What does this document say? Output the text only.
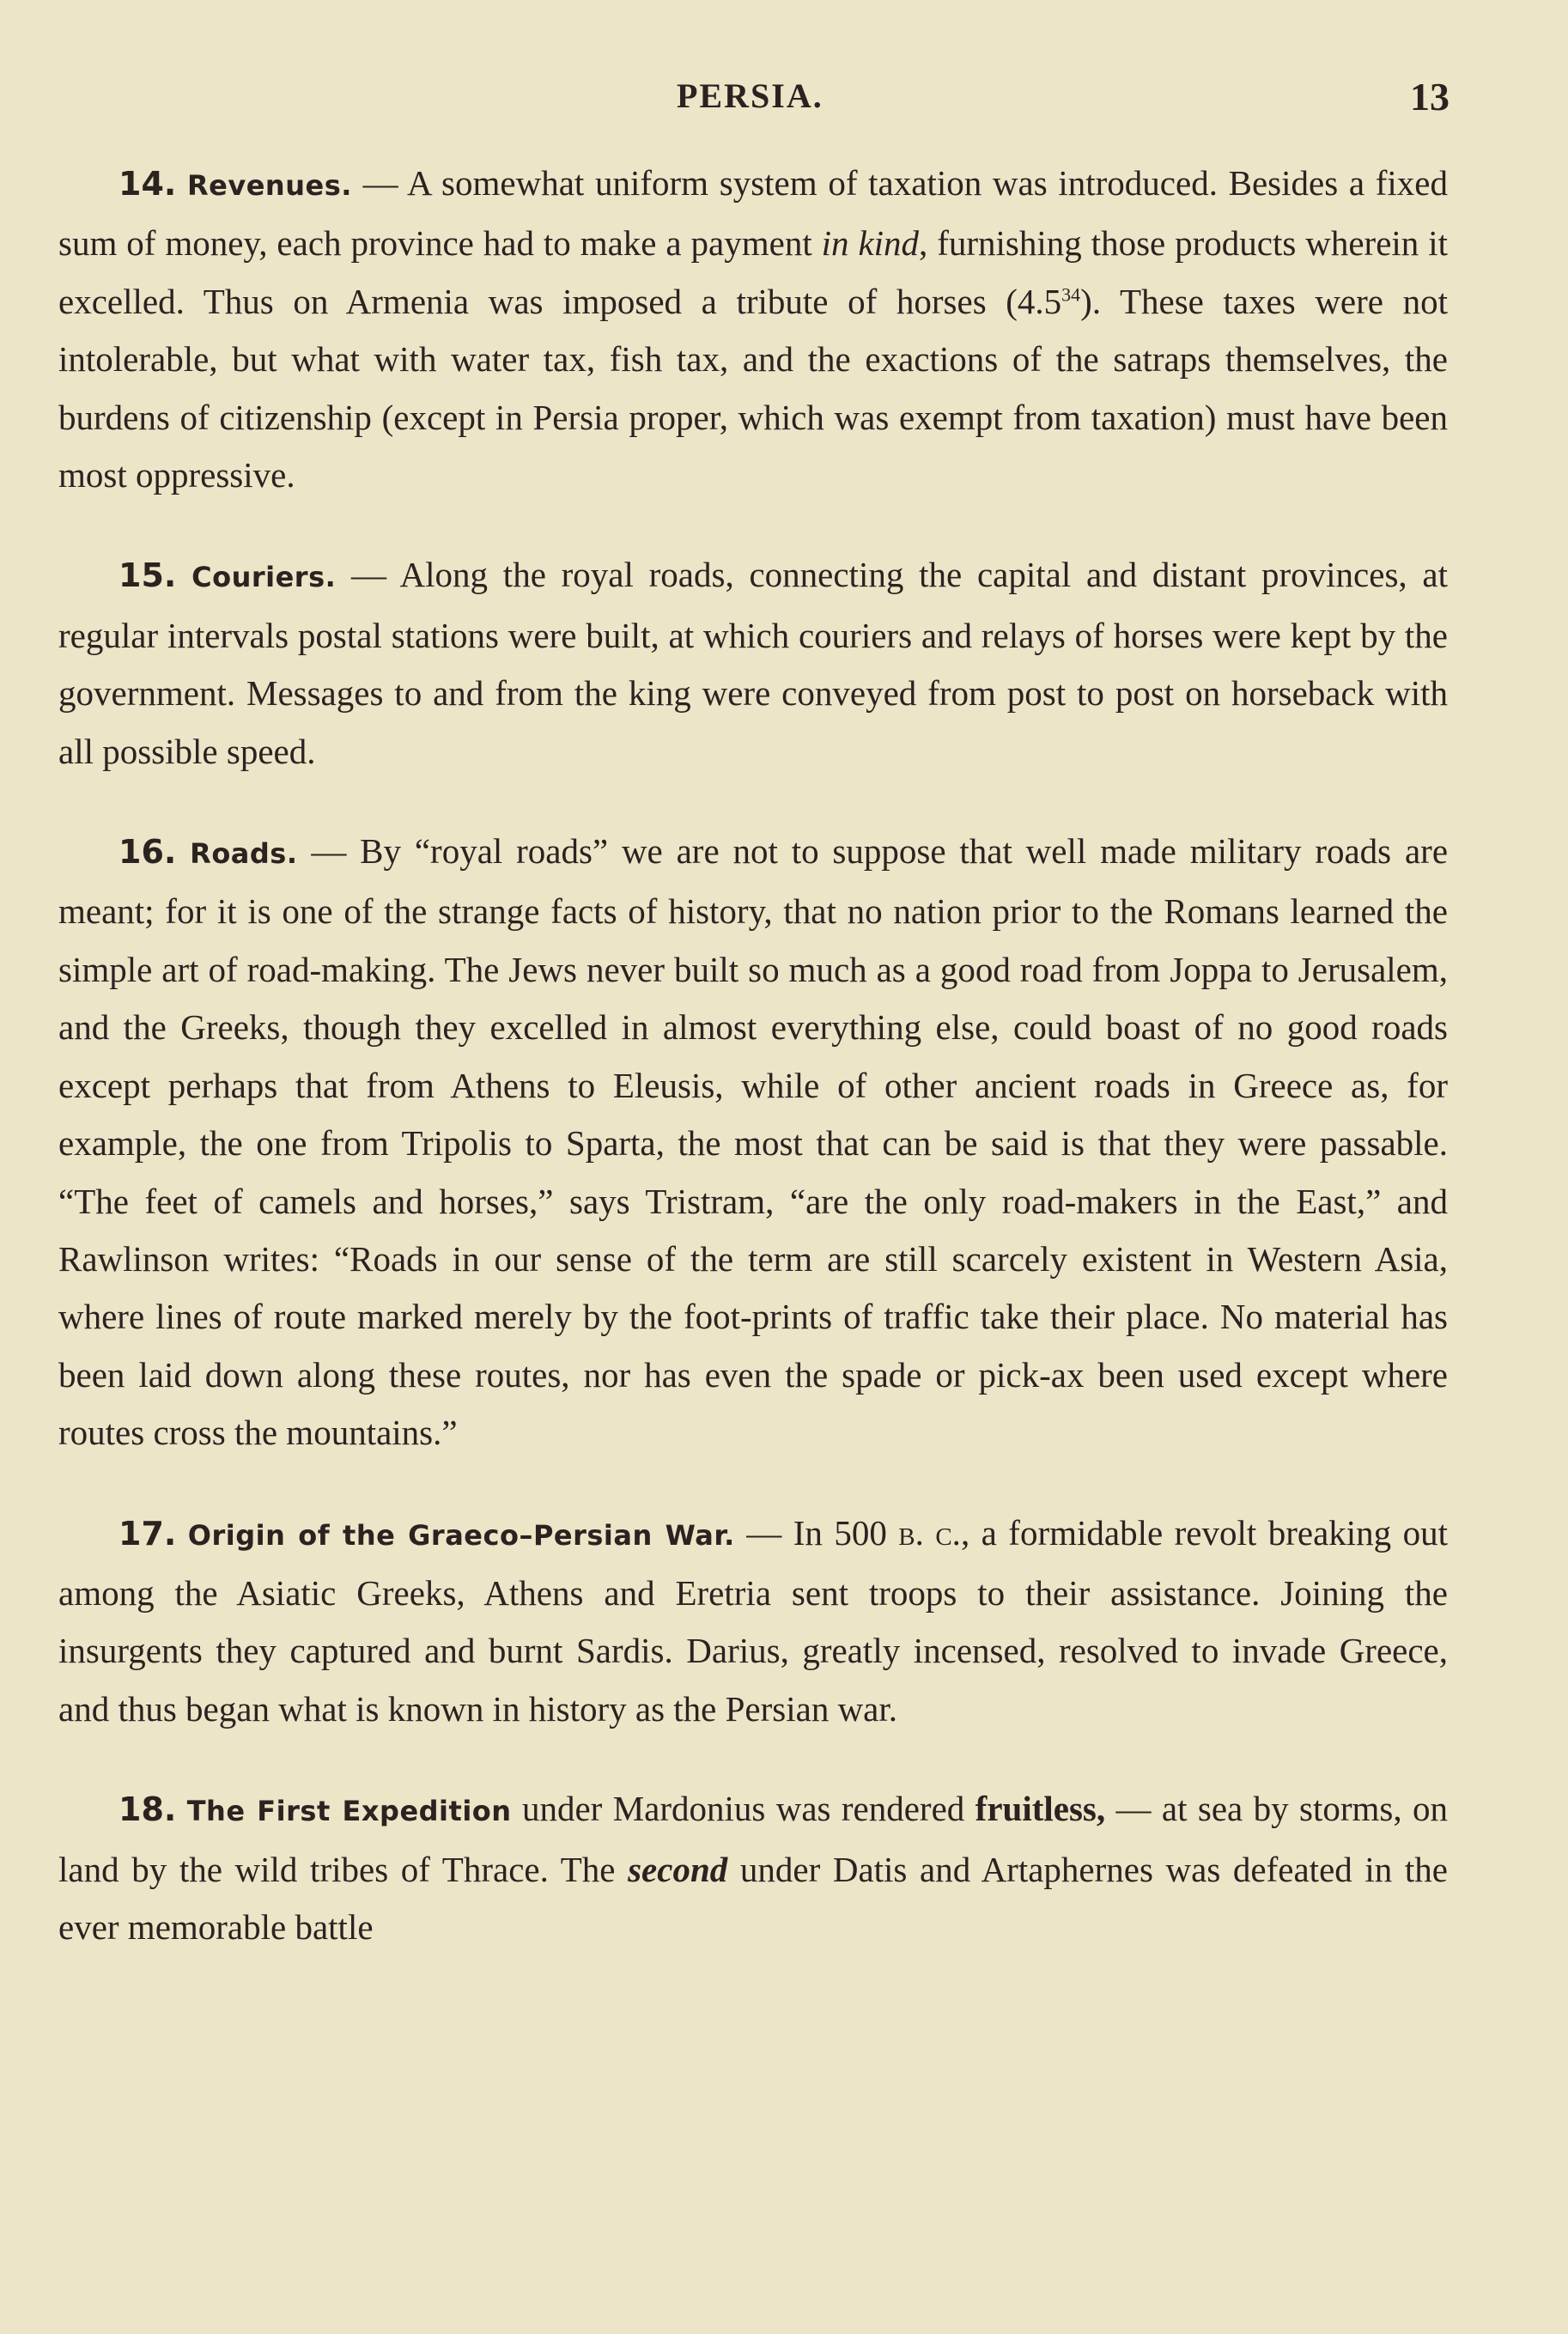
PERSIA.	13

14. Revenues. — A somewhat uniform system of taxation was introduced. Besides a fixed sum of money, each province had to make a payment in kind, furnishing those products wherein it excelled. Thus on Armenia was imposed a tribute of horses $(4.5^{34})$. These taxes were not intolerable, but what with water tax, fish tax, and the exactions of the satraps themselves, the burdens of citizenship (except in Persia proper, which was exempt from taxation) must have been most oppressive.

15. Couriers. — Along the royal roads, connecting the capital and distant provinces, at regular intervals postal stations were built, at which couriers and relays of horses were kept by the government. Messages to and from the king were conveyed from post to post on horseback with all possible speed.

16. Roads. — By “royal roads” we are not to suppose that well made military roads are meant; for it is one of the strange facts of history, that no nation prior to the Romans learned the simple art of road-making. The Jews never built so much as a good road from Joppa to Jerusalem, and the Greeks, though they excelled in almost everything else, could boast of no good roads except perhaps that from Athens to Eleusis, while of other ancient roads in Greece as, for example, the one from Tripolis to Sparta, the most that can be said is that they were passable. “The feet of camels and horses,” says Tristram, “are the only road-makers in the East,” and Rawlinson writes: “Roads in our sense of the term are still scarcely existent in Western Asia, where lines of route marked merely by the foot-prints of traffic take their place. No material has been laid down along these routes, nor has even the spade or pick-ax been used except where routes cross the mountains.”

17. Origin of the Graeco–Persian War. — In 500 b. c., a formidable revolt breaking out among the Asiatic Greeks, Athens and Eretria sent troops to their assistance. Joining the insurgents they captured and burnt Sardis. Darius, greatly incensed, resolved to invade Greece, and thus began what is known in history as the Persian war.

18. The First Expedition under Mardonius was rendered fruitless, — at sea by storms, on land by the wild tribes of Thrace. The second under Datis and Artaphernes was defeated in the ever memorable battle
